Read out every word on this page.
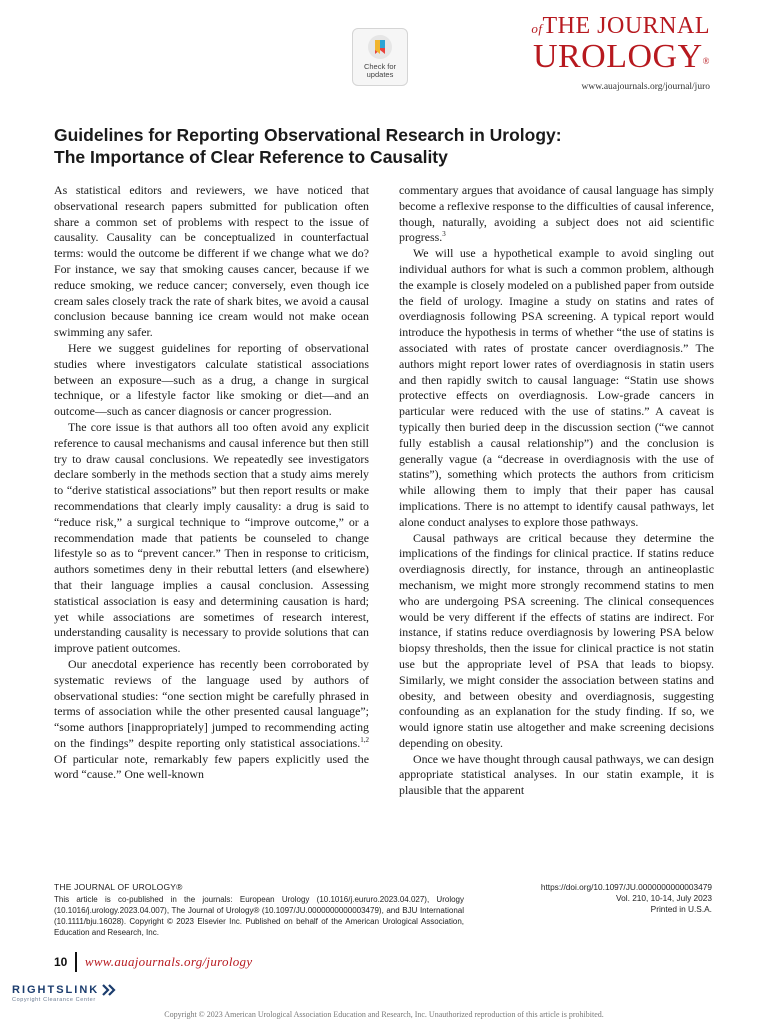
Check for
updates
ofTHE JOURNAL
UROLOGY®
www.auajournals.org/journal/juro
Guidelines for Reporting Observational Research in Urology:
The Importance of Clear Reference to Causality

As statistical editors and reviewers, we have noticed that observational research papers submitted for publication often share a common set of problems with respect to the issue of causality. Causality can be conceptualized in counterfactual terms: would the outcome be different if we change what we do? For instance, we say that smoking causes cancer, because if we reduce smoking, we reduce cancer; conversely, even though ice cream sales closely track the rate of shark bites, we avoid a causal conclusion because banning ice cream would not make ocean swimming any safer.

Here we suggest guidelines for reporting of observational studies where investigators calculate statistical associations between an exposure—such as a drug, a change in surgical technique, or a lifestyle factor like smoking or diet—and an outcome—such as cancer diagnosis or cancer progression.

The core issue is that authors all too often avoid any explicit reference to causal mechanisms and causal inference but then still try to draw causal conclusions. We repeatedly see investigators declare somberly in the methods section that a study aims merely to “derive statistical associations” but then report results or make recommendations that clearly imply causality: a drug is said to “reduce risk,” a surgical technique to “improve outcome,” or a recommendation made that patients be counseled to change lifestyle so as to “prevent cancer.” Then in response to criticism, authors sometimes deny in their rebuttal letters (and elsewhere) that their language implies a causal conclusion. Assessing statistical association is easy and determining causation is hard; yet while associations are sometimes of research interest, understanding causality is necessary to provide solutions that can improve patient outcomes.

Our anecdotal experience has recently been corroborated by systematic reviews of the language used by authors of observational studies: “one section might be carefully phrased in terms of association while the other presented causal language”; “some authors [inappropriately] jumped to recommending acting on the findings” despite reporting only statistical associations.$^{1,2}$ Of particular note, remarkably few papers explicitly used the word “cause.” One well-known

commentary argues that avoidance of causal language has simply become a reflexive response to the difficulties of causal inference, though, naturally, avoiding a subject does not aid scientific progress.$^3$

We will use a hypothetical example to avoid singling out individual authors for what is such a common problem, although the example is closely modeled on a published paper from outside the field of urology. Imagine a study on statins and rates of overdiagnosis following PSA screening. A typical report would introduce the hypothesis in terms of whether “the use of statins is associated with rates of prostate cancer overdiagnosis.” The authors might report lower rates of overdiagnosis in statin users and then rapidly switch to causal language: “Statin use shows protective effects on overdiagnosis. Low-grade cancers in particular were reduced with the use of statins.” A caveat is typically then buried deep in the discussion section (“we cannot fully establish a causal relationship”) and the conclusion is generally vague (a “decrease in overdiagnosis with the use of statins”), something which protects the authors from criticism while allowing them to imply that their paper has causal implications. There is no attempt to identify causal pathways, let alone conduct analyses to explore those pathways.

Causal pathways are critical because they determine the implications of the findings for clinical practice. If statins reduce overdiagnosis directly, for instance, through an antineoplastic mechanism, we might more strongly recommend statins to men who are undergoing PSA screening. The clinical consequences would be very different if the effects of statins are indirect. For instance, if statins reduce overdiagnosis by lowering PSA below biopsy thresholds, then the issue for clinical practice is not statin use but the appropriate level of PSA that leads to biopsy. Similarly, we might consider the association between statins and obesity, and between obesity and overdiagnosis, suggesting confounding as an explanation for the study finding. If so, we would ignore statin use altogether and make screening decisions depending on obesity.

Once we have thought through causal pathways, we can design appropriate statistical analyses. In our statin example, it is plausible that the apparent

THE JOURNAL OF UROLOGY®
This article is co-published in the journals: European Urology (10.1016/j.eururo.2023.04.027), Urology (10.1016/j.urology.2023.04.007), The Journal of Urology® (10.1097/JU.0000000000003479), and BJU International (10.1111/bju.16028). Copyright © 2023 Elsevier Inc. Published on behalf of the American Urological Association, Education and Research, Inc.
https://doi.org/10.1097/JU.0000000000003479
Vol. 210, 10-14, July 2023
Printed in U.S.A.
10 www.auajournals.org/jurology
RIGHTSLINK
Copyright Clearance Center
Copyright © 2023 American Urological Association Education and Research, Inc. Unauthorized reproduction of this article is prohibited.
